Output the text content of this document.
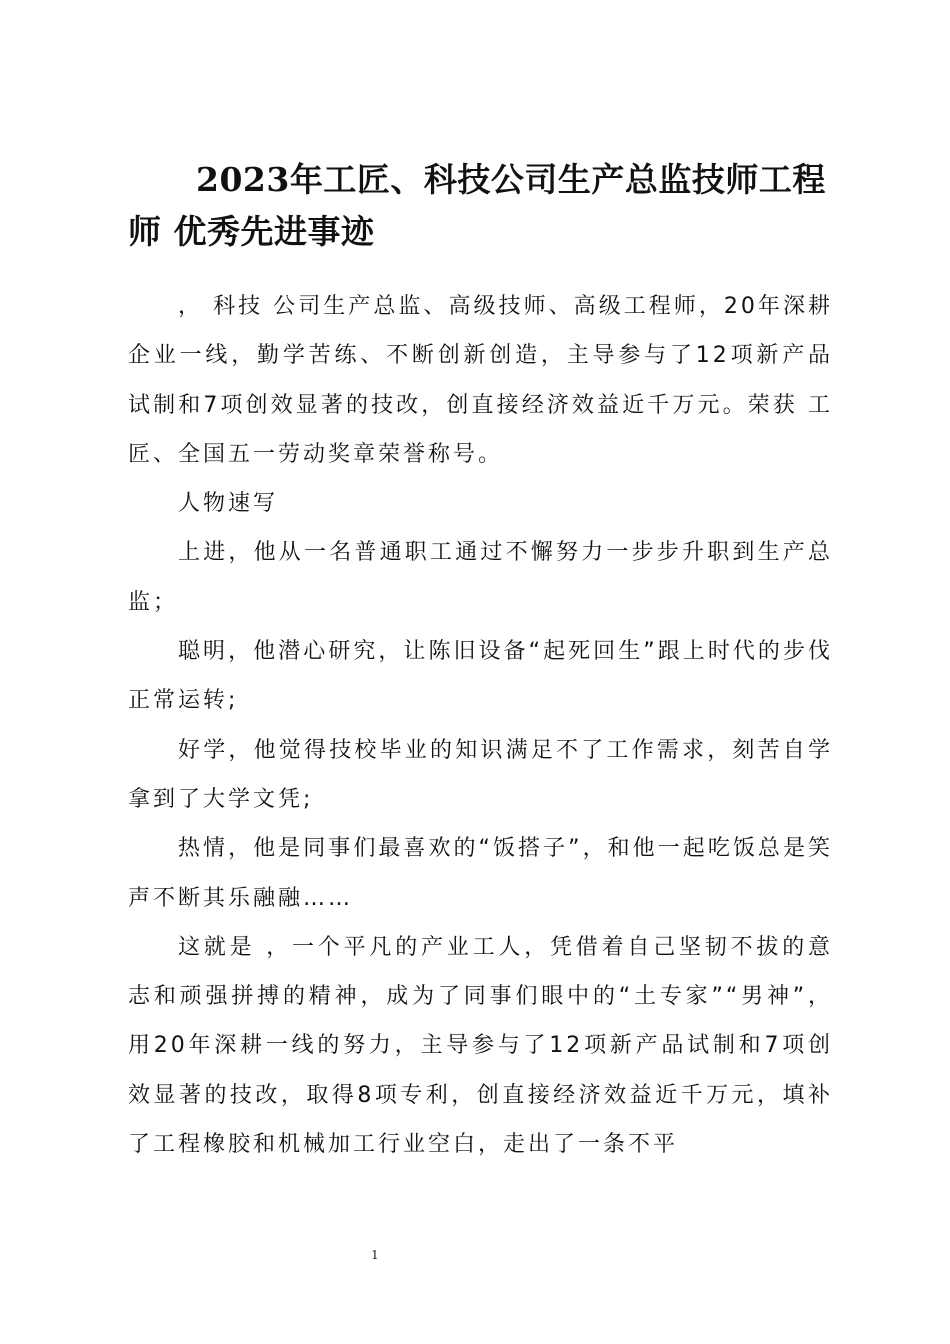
2023年工匠、科技公司生产总监技师工程师 优秀先进事迹

， 科技 公司生产总监、高级技师、高级工程师，20年深耕企业一线，勤学苦练、不断创新创造，主导参与了12项新产品试制和7项创效显著的技改，创直接经济效益近千万元。荣获 工匠、全国五一劳动奖章荣誉称号。

人物速写

上进，他从一名普通职工通过不懈努力一步步升职到生产总监；

聪明，他潜心研究，让陈旧设备“起死回生”跟上时代的步伐正常运转;

好学，他觉得技校毕业的知识满足不了工作需求，刻苦自学拿到了大学文凭;

热情，他是同事们最喜欢的“饭搭子”，和他一起吃饭总是笑声不断其乐融融……

这就是 ，一个平凡的产业工人，凭借着自己坚韧不拔的意志和顽强拼搏的精神，成为了同事们眼中的“土专家”“男神”，用20年深耕一线的努力，主导参与了12项新产品试制和7项创效显著的技改，取得8项专利，创直接经济效益近千万元，填补了工程橡胶和机械加工行业空白，走出了一条不平

1
